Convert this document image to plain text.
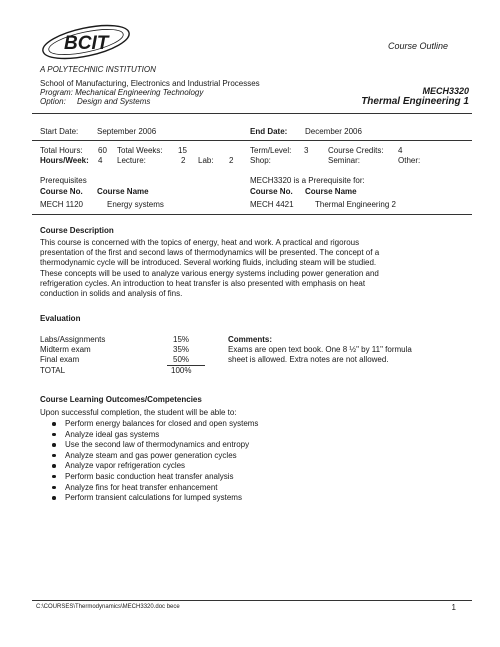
BCIT	Course Outline
A POLYTECHNIC INSTITUTION
School of Manufacturing, Electronics and Industrial Processes
Program: Mechanical Engineering Technology
Option: Design and Systems
MECH3320
Thermal Engineering 1
Start Date: September 2006	End Date: December 2006
Total Hours: 60 Total Weeks: 15	Term/Level: 3 Course Credits: 4
Hours/Week: 4 Lecture:	2 Lab: 2 Shop:	Seminar:	Other:
Prerequisites	MECH3320 is a Prerequisite for:
Course No. Course Name	Course No. Course Name
MECH 1120	Energy systems	MECH 4421	Thermal Engineering 2
Course Description
This course is concerned with the topics of energy, heat and work. A practical and rigorous
presentation of the first and second laws of thermodynamics will be presented. The concept of a
thermodynamic cycle will be introduced. Several working fluids, including steam will be studied.
These concepts will be used to analyze various energy systems including power generation and
refrigeration cycles. An introduction to heat transfer is also presented with emphasis on heat
conduction in solids and analysis of fins.
Evaluation
Labs/Assignments	15%
Midterm exam	35%
Final exam	50%
TOTAL	100%
Comments:
Exams are open text book. One 8 ½" by 11" formula
sheet is allowed. Extra notes are not allowed.
Course Learning Outcomes/Competencies
Upon successful completion, the student will be able to:
Perform energy balances for closed and open systems
Analyze ideal gas systems
Use the second law of thermodynamics and entropy
Analyze steam and gas power generation cycles
Analyze vapor refrigeration cycles
Perform basic conduction heat transfer analysis
Analyze fins for heat transfer enhancement
Perform transient calculations for lumped systems
C:\COURSES\Thermodynamics\MECH3320.doc bece	1
